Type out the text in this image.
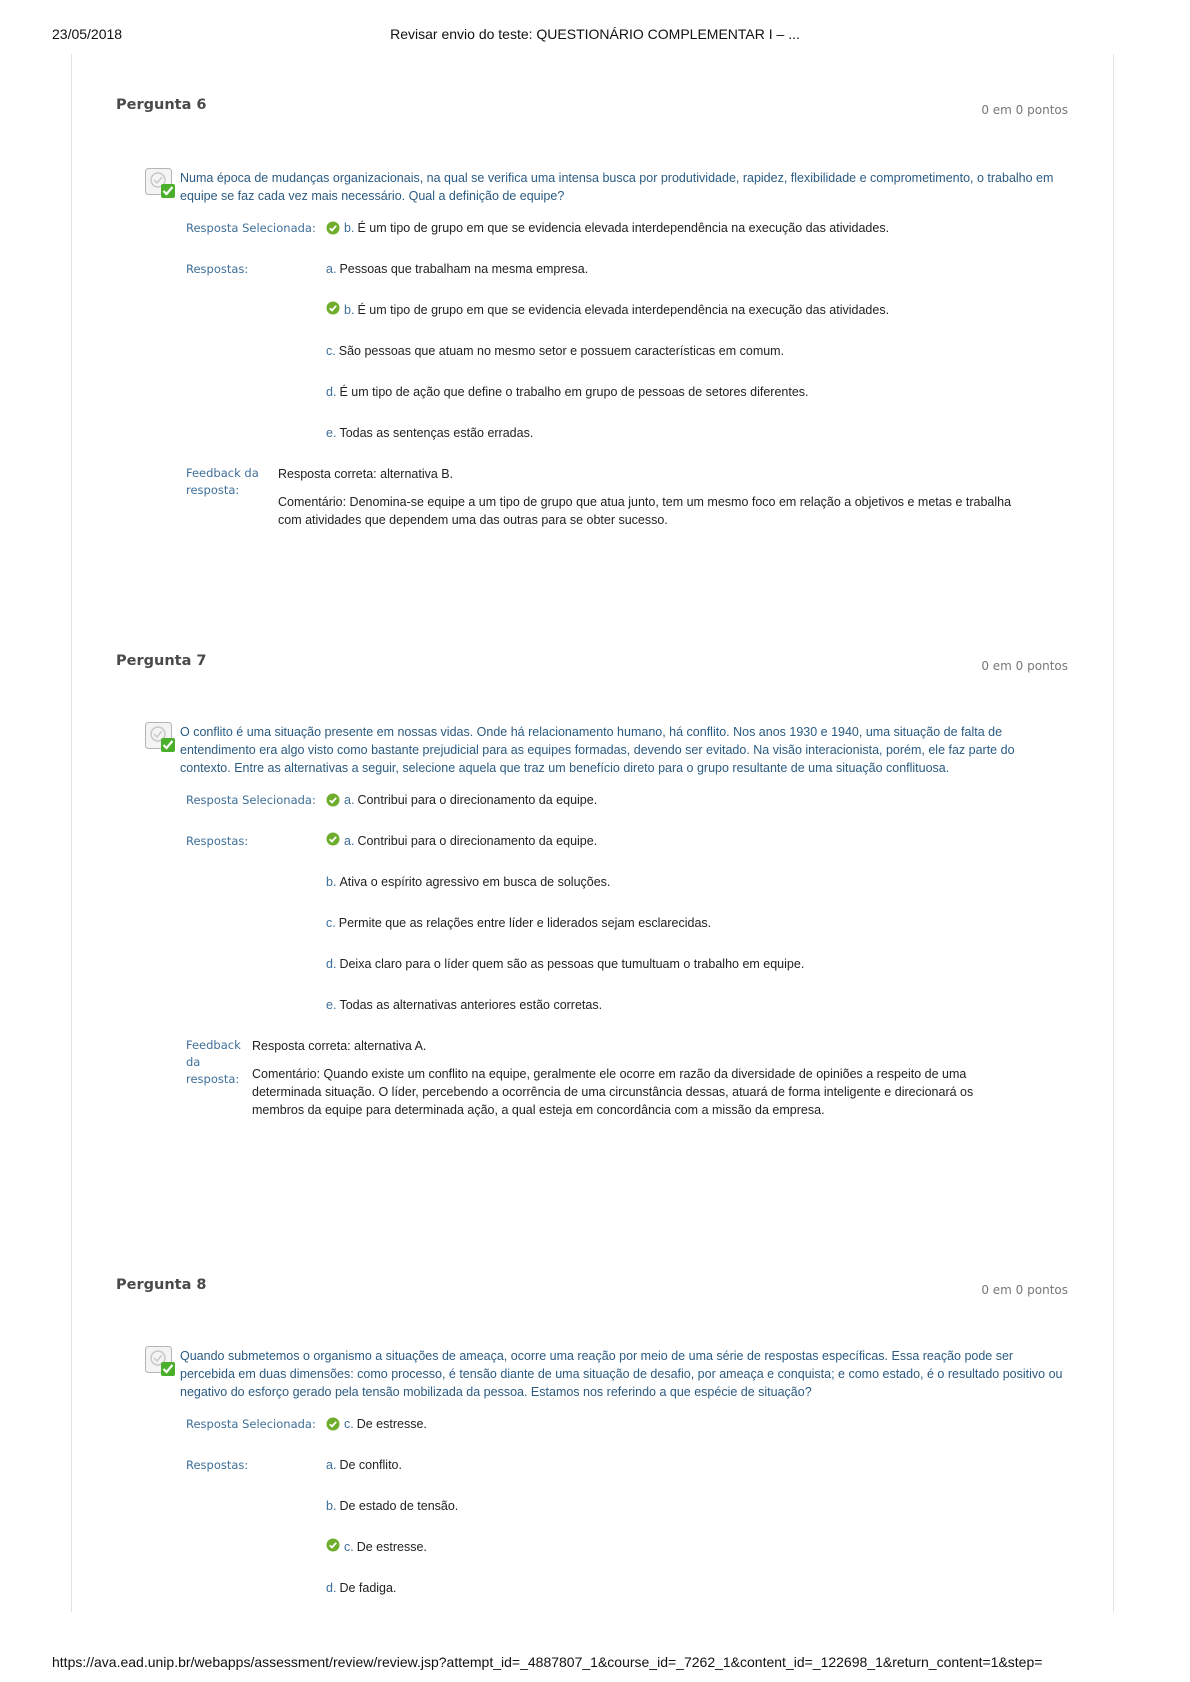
23/05/2018	Revisar envio do teste: QUESTIONÁRIO COMPLEMENTAR I – ...
Pergunta 6	0 em 0 pontos

Numa época de mudanças organizacionais, na qual se verifica uma intensa busca por produtividade, rapidez, flexibilidade e comprometimento, o trabalho em equipe se faz cada vez mais necessário. Qual a definição de equipe?

Resposta Selecionada:	b. É um tipo de grupo em que se evidencia elevada interdependência na execução das atividades.
Respostas:	a. Pessoas que trabalham na mesma empresa.
b. É um tipo de grupo em que se evidencia elevada interdependência na execução das atividades.
c. São pessoas que atuam no mesmo setor e possuem características em comum.
d. É um tipo de ação que define o trabalho em grupo de pessoas de setores diferentes.
e. Todas as sentenças estão erradas.
Feedback da resposta:

Resposta correta: alternativa B.

Comentário: Denomina-se equipe a um tipo de grupo que atua junto, tem um mesmo foco em relação a objetivos e metas e trabalha com atividades que dependem uma das outras para se obter sucesso.

Pergunta 7	0 em 0 pontos

O conflito é uma situação presente em nossas vidas. Onde há relacionamento humano, há conflito. Nos anos 1930 e 1940, uma situação de falta de entendimento era algo visto como bastante prejudicial para as equipes formadas, devendo ser evitado. Na visão interacionista, porém, ele faz parte do contexto. Entre as alternativas a seguir, selecione aquela que traz um benefício direto para o grupo resultante de uma situação conflituosa.

Resposta Selecionada:	a. Contribui para o direcionamento da equipe.
Respostas:	a. Contribui para o direcionamento da equipe.
b. Ativa o espírito agressivo em busca de soluções.
c. Permite que as relações entre líder e liderados sejam esclarecidas.
d. Deixa claro para o líder quem são as pessoas que tumultuam o trabalho em equipe.
e. Todas as alternativas anteriores estão corretas.
Feedback da resposta:

Resposta correta: alternativa A.

Comentário: Quando existe um conflito na equipe, geralmente ele ocorre em razão da diversidade de opiniões a respeito de uma determinada situação. O líder, percebendo a ocorrência de uma circunstância dessas, atuará de forma inteligente e direcionará os membros da equipe para determinada ação, a qual esteja em concordância com a missão da empresa.

Pergunta 8	0 em 0 pontos

Quando submetemos o organismo a situações de ameaça, ocorre uma reação por meio de uma série de respostas específicas. Essa reação pode ser percebida em duas dimensões: como processo, é tensão diante de uma situação de desafio, por ameaça e conquista; e como estado, é o resultado positivo ou negativo do esforço gerado pela tensão mobilizada da pessoa. Estamos nos referindo a que espécie de situação?

Resposta Selecionada:	c. De estresse.
Respostas:	a. De conflito.
b. De estado de tensão.
c. De estresse.
d. De fadiga.
https://ava.ead.unip.br/webapps/assessment/review/review.jsp?attempt_id=_4887807_1&course_id=_7262_1&content_id=_122698_1&return_content=1&step=
